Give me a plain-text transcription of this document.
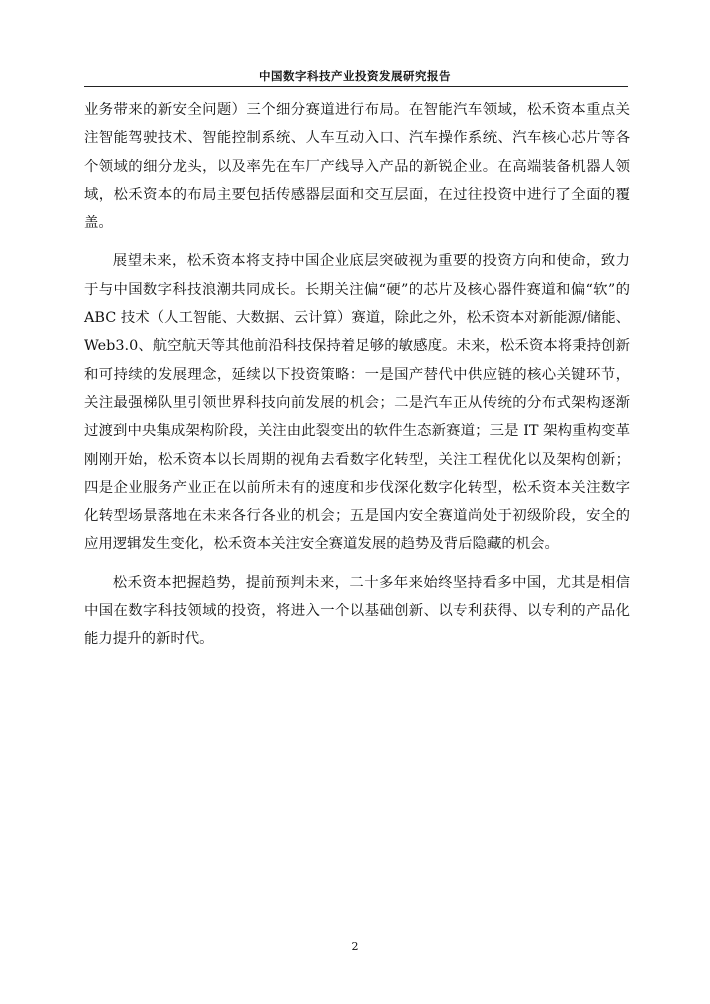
中国数字科技产业投资发展研究报告

业务带来的新安全问题）三个细分赛道进行布局。在智能汽车领域，松禾资本重点关注智能驾驶技术、智能控制系统、人车互动入口、汽车操作系统、汽车核心芯片等各个领域的细分龙头，以及率先在车厂产线导入产品的新锐企业。在高端装备机器人领域，松禾资本的布局主要包括传感器层面和交互层面，在过往投资中进行了全面的覆盖。

展望未来，松禾资本将支持中国企业底层突破视为重要的投资方向和使命，致力于与中国数字科技浪潮共同成长。长期关注偏“硬”的芯片及核心器件赛道和偏“软”的 ABC 技术（人工智能、大数据、云计算）赛道，除此之外，松禾资本对新能源/储能、Web3.0、航空航天等其他前沿科技保持着足够的敏感度。未来，松禾资本将秉持创新和可持续的发展理念，延续以下投资策略：一是国产替代中供应链的核心关键环节，关注最强梯队里引领世界科技向前发展的机会；二是汽车正从传统的分布式架构逐渐过渡到中央集成架构阶段，关注由此裂变出的软件生态新赛道；三是 IT 架构重构变革刚刚开始，松禾资本以长周期的视角去看数字化转型，关注工程优化以及架构创新；四是企业服务产业正在以前所未有的速度和步伐深化数字化转型，松禾资本关注数字化转型场景落地在未来各行各业的机会；五是国内安全赛道尚处于初级阶段，安全的应用逻辑发生变化，松禾资本关注安全赛道发展的趋势及背后隐藏的机会。

松禾资本把握趋势，提前预判未来，二十多年来始终坚持看多中国，尤其是相信中国在数字科技领域的投资，将进入一个以基础创新、以专利获得、以专利的产品化能力提升的新时代。

2
